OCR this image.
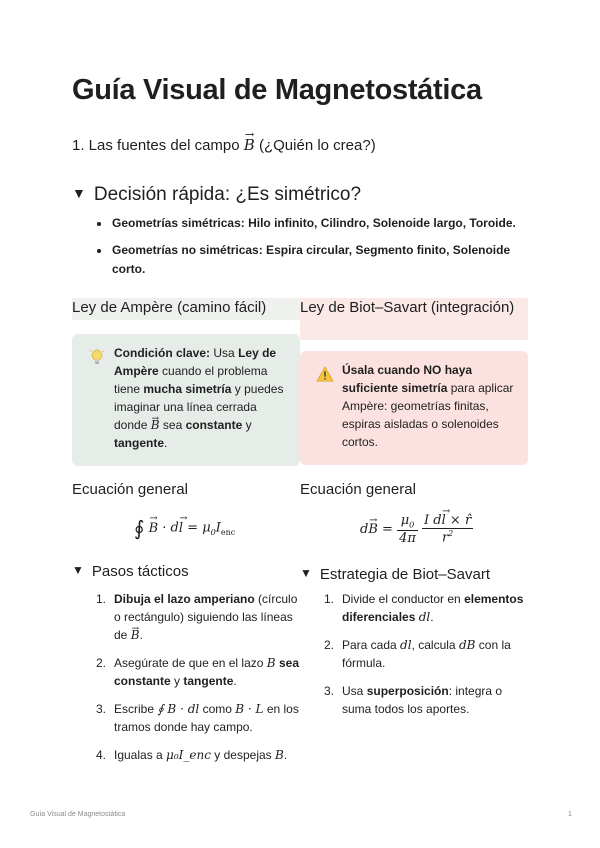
Guía Visual de Magnetostática
1. Las fuentes del campo → B (¿Quién lo crea?)
▼ Decisión rápida: ¿Es simétrico?
Geometrías simétricas: Hilo infinito, Cilindro, Solenoide largo, Toroide.
Geometrías no simétricas: Espira circular, Segmento finito, Solenoide corto.
Ley de Ampère (camino fácil)
Condición clave: Usa Ley de Ampère cuando el problema tiene mucha simetría y puedes imaginar una línea cerrada donde → B sea constante y tangente.
Ley de Biot–Savart (integración)
Úsala cuando NO haya suficiente simetría para aplicar Ampère: geometrías finitas, espiras aisladas o solenoides cortos.
Ecuación general	Ecuación general
∮ → $B \cdot d\to l = \mu_0I_{enc}$	$d\to B = \frac{\mu_0}{4\pi}$
$\frac{\text{I d→ l × r̂}}{r^2}$
▼ Pasos tácticos
1. Dibuja el lazo amperiano (círculo o rectángulo) siguiendo las líneas de → B.
2. Asegúrate de que en el lazo B sea constante y tangente.
3. Escribe ∮ B · dl como B · L en los tramos donde hay campo.
4. Igualas a μ₀I_enc y despejas B.
▼ Estrategia de Biot–Savart
1. Divide el conductor en elementos diferenciales dl.
2. Para cada dl, calcula dB con la fórmula.
3. Usa superposición: integra o suma todos los aportes.
Guía Visual de Magnetostática	1
